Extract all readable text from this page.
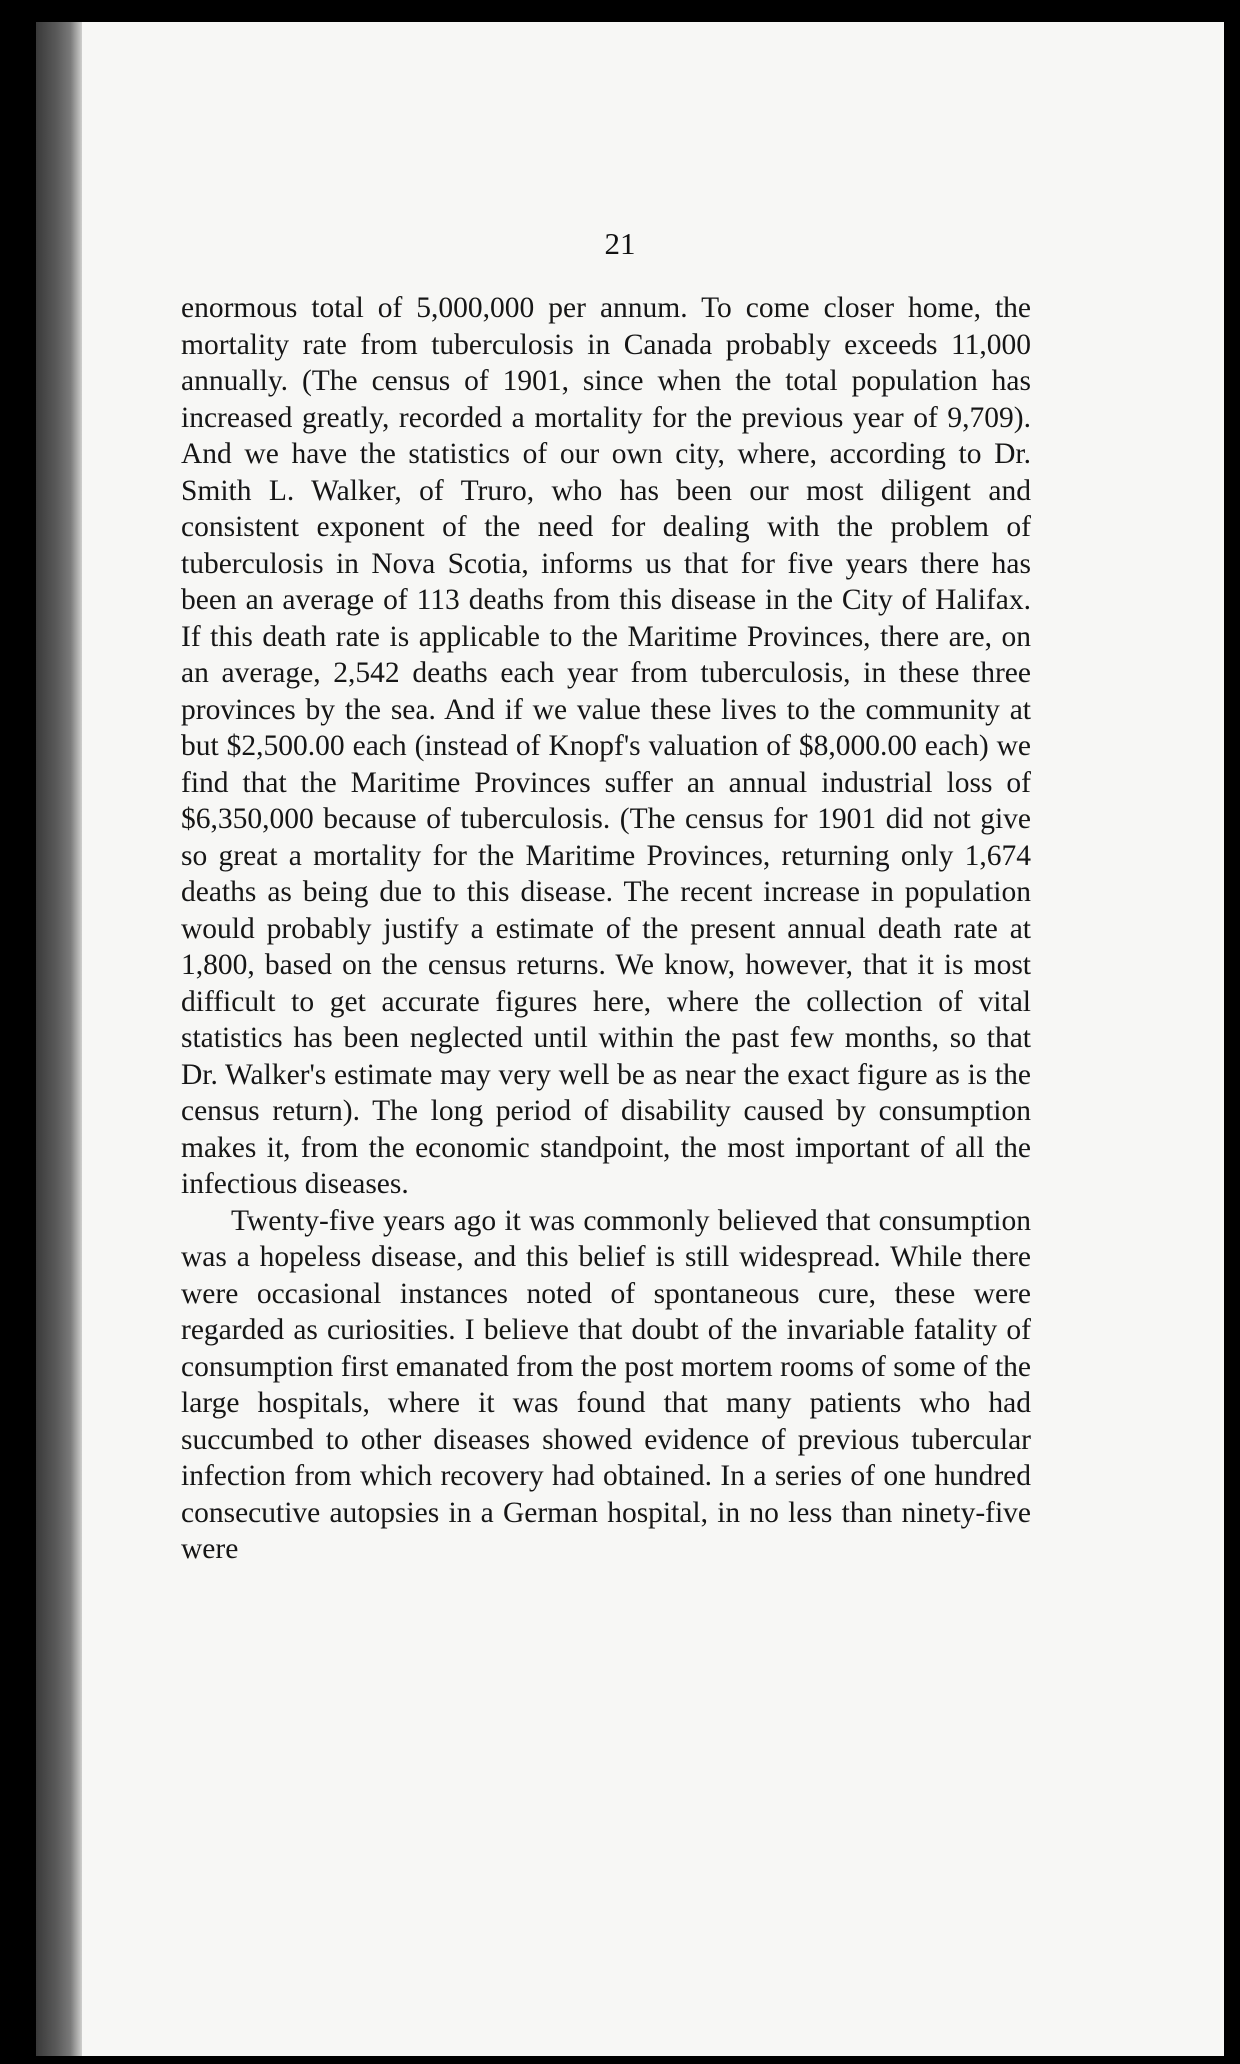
21

enormous total of 5,000,000 per annum. To come closer home, the mortality rate from tuberculosis in Canada probably exceeds 11,000 annually. (The census of 1901, since when the total population has increased greatly, recorded a mortality for the previous year of 9,709). And we have the statistics of our own city, where, according to Dr. Smith L. Walker, of Truro, who has been our most diligent and consistent exponent of the need for dealing with the problem of tuberculosis in Nova Scotia, informs us that for five years there has been an average of 113 deaths from this disease in the City of Halifax. If this death rate is applicable to the Maritime Provinces, there are, on an average, 2,542 deaths each year from tuberculosis, in these three provinces by the sea. And if we value these lives to the community at but $2,500.00 each (instead of Knopf's valuation of $8,000.00 each) we find that the Maritime Provinces suffer an annual industrial loss of $6,350,000 because of tuberculosis. (The census for 1901 did not give so great a mortality for the Maritime Provinces, returning only 1,674 deaths as being due to this disease. The recent increase in population would probably justify a estimate of the present annual death rate at 1,800, based on the census returns. We know, however, that it is most difficult to get accurate figures here, where the collection of vital statistics has been neglected until within the past few months, so that Dr. Walker's estimate may very well be as near the exact figure as is the census return). The long period of disability caused by consumption makes it, from the economic standpoint, the most important of all the infectious diseases.

Twenty-five years ago it was commonly believed that consumption was a hopeless disease, and this belief is still widespread. While there were occasional instances noted of spontaneous cure, these were regarded as curiosities. I believe that doubt of the invariable fatality of consumption first emanated from the post mortem rooms of some of the large hospitals, where it was found that many patients who had succumbed to other diseases showed evidence of previous tubercular infection from which recovery had obtained. In a series of one hundred consecutive autopsies in a German hospital, in no less than ninety-five were
